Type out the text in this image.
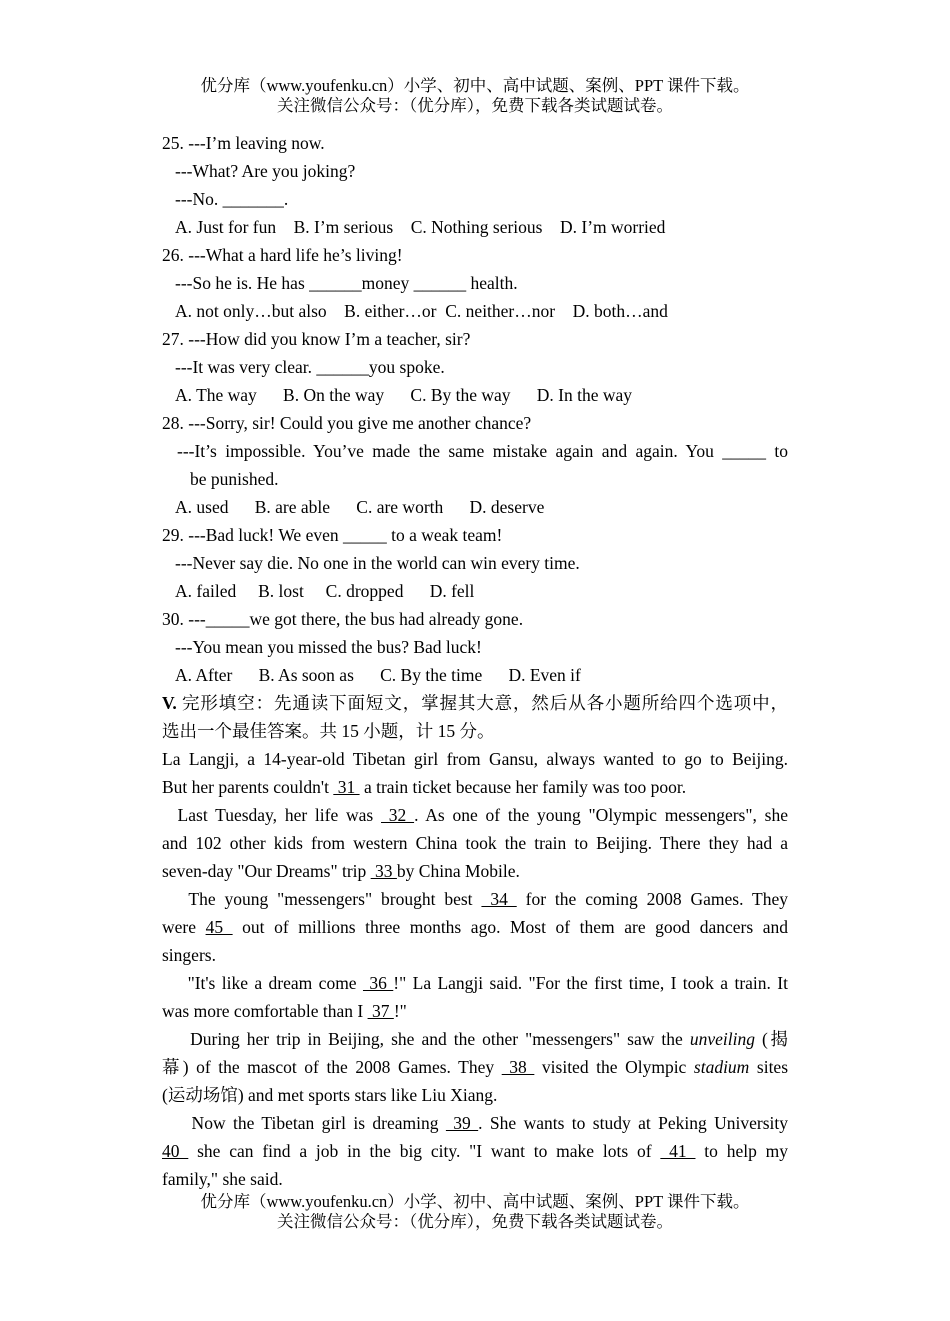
优分库（www.youfenku.cn）小学、初中、高中试题、案例、PPT 课件下载。
关注微信公众号：（优分库），免费下载各类试题试卷。
25. ---I’m leaving now.
---What? Are you joking?
---No. _______.
A. Just for fun    B. I’m serious    C. Nothing serious    D. I’m worried
26. ---What a hard life he’s living!
---So he is. He has ______money ______ health.
A. not only…but also    B. either…or  C. neither…nor    D. both…and
27. ---How did you know I’m a teacher, sir?
---It was very clear. ______you spoke.
A. The way      B. On the way      C. By the way      D. In the way
28. ---Sorry, sir! Could you give me another chance?
---It’s impossible. You’ve made the same mistake again and again. You _____ to
be punished.
A. used      B. are able      C. are worth      D. deserve
29. ---Bad luck! We even _____ to a weak team!
---Never say die. No one in the world can win every time.
A. failed     B. lost     C. dropped      D. fell
30. ---_____we got there, the bus had already gone.
---You mean you missed the bus? Bad luck!
A. After      B. As soon as      C. By the time      D. Even if
V. 完形填空：先通读下面短文，掌握其大意，然后从各小题所给四个选项中，
选出一个最佳答案。共 15 小题，计 15 分。
La Langji, a 14-year-old Tibetan girl from Gansu, always wanted to go to Beijing.
But her parents couldn't  31  a train ticket because her family was too poor.
Last Tuesday, her life was  32 . As one of the young "Olympic messengers", she
and 102 other kids from western China took the train to Beijing. There they had a
seven-day "Our Dreams" trip  33 by China Mobile.
The young "messengers" brought best  34  for the coming 2008 Games. They
were 45  out of millions three months ago. Most of them are good dancers and
singers.
"It's like a dream come  36 !" La Langji said. "For the first time, I took a train. It
was more comfortable than I  37 !"
During her trip in Beijing, she and the other "messengers" saw the unveiling (揭
幕) of the mascot of the 2008 Games. They  38  visited the Olympic stadium sites
(运动场馆) and met sports stars like Liu Xiang.
Now the Tibetan girl is dreaming  39 . She wants to study at Peking University
40  she can find a job in the big city. "I want to make lots of  41  to help my
family," she said.
优分库（www.youfenku.cn）小学、初中、高中试题、案例、PPT 课件下载。
关注微信公众号：（优分库），免费下载各类试题试卷。
